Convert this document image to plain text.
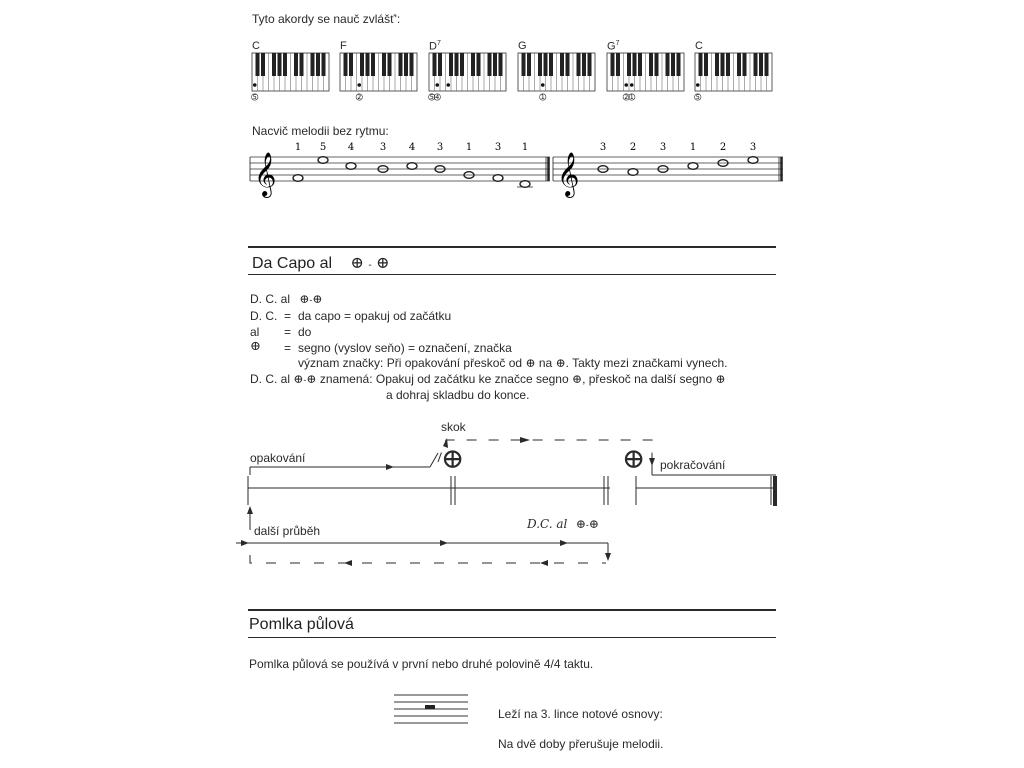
Tyto akordy se nauč zvlášť':
C
5
F
2
$D^7$
5 4
G
1
$G^7$
2 1
C
5
Nacvič melodii bez rytmu:
𝄞
1 5 4	3 4 3 1 3 1
𝄞
3 2 3 1 2 3
Da Capo al ⊕ - ⊕
D. C. al ⊕-⊕
D. C. = da capo = opakuj od začátku
al = do
⊕ = segno (vyslov seňo) = označení, značka
význam značky: Při opakování přeskoč od ⊕ na ⊕. Takty mezi značkami vynech.
D. C. al ⊕-⊕ znamená: Opakuj od začátku ke značce segno ⊕, přeskoč na další segno ⊕
a dohraj skladbu do konce.
⊕	⊕
skok
opakování	pokračování
další průběh	D.C. al ⊕-⊕
Pomlka půlová
Pomlka půlová se používá v první nebo druhé polovině 4/4 taktu.
Leží na 3. lince notové osnovy:
Na dvě doby přerušuje melodii.
